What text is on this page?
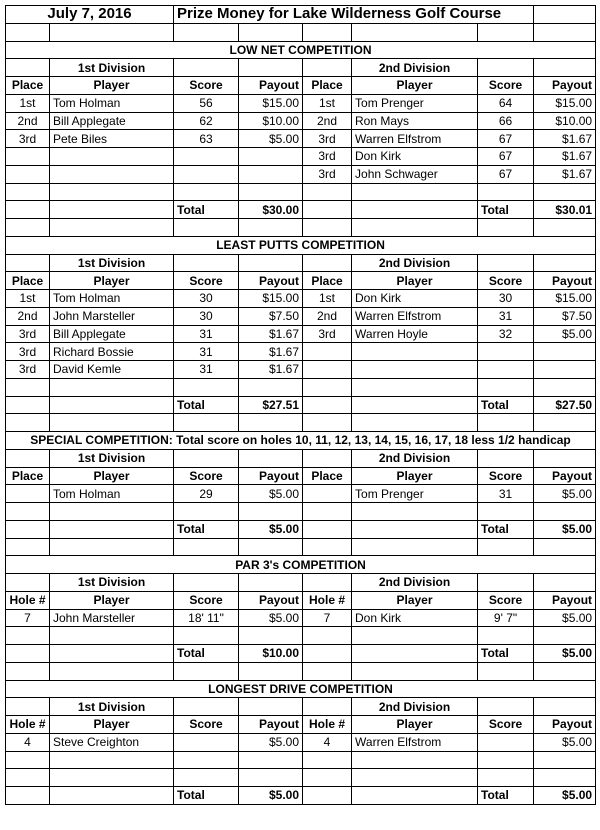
July 7, 2016		Prize Money for Lake Wilderness Golf Course					

LOW NET COMPETITION							
	1st Division				2nd Division		
Place	Player	Score	Payout	Place	Player	Score	Payout
1st	Tom Holman	56	$15.00	1st	Tom Prenger	64	$15.00
2nd	Bill Applegate	62	$10.00	2nd	Ron Mays	66	$10.00
3rd	Pete Biles	63	$5.00	3rd	Warren Elfstrom	67	$1.67
				3rd	Don Kirk	67	$1.67
				3rd	John Schwager	67	$1.67

		Total	$30.00			Total	$30.01

LEAST PUTTS COMPETITION							
	1st Division				2nd Division		
Place	Player	Score	Payout	Place	Player	Score	Payout
1st	Tom Holman	30	$15.00	1st	Don Kirk	30	$15.00
2nd	John Marsteller	30	$7.50	2nd	Warren Elfstrom	31	$7.50
3rd	Bill Applegate	31	$1.67	3rd	Warren Hoyle	32	$5.00
3rd	Richard Bossie	31	$1.67				
3rd	David Kemle	31	$1.67				

		Total	$27.51			Total	$27.50

SPECIAL COMPETITION: Total score on holes 10, 11, 12, 13, 14, 15, 16, 17, 18 less 1/2 handicap							
	1st Division				2nd Division		
Place	Player	Score	Payout	Place	Player	Score	Payout
	Tom Holman	29	$5.00		Tom Prenger	31	$5.00

		Total	$5.00			Total	$5.00

PAR 3's COMPETITION							
	1st Division				2nd Division		
Hole #	Player	Score	Payout	Hole #	Player	Score	Payout
7	John Marsteller	18' 11"	$5.00	7	Don Kirk	9' 7"	$5.00

		Total	$10.00			Total	$5.00

LONGEST DRIVE COMPETITION							
	1st Division				2nd Division		
Hole #	Player	Score	Payout	Hole #	Player	Score	Payout
4	Steve Creighton		$5.00	4	Warren Elfstrom		$5.00

		Total	$5.00			Total	$5.00
